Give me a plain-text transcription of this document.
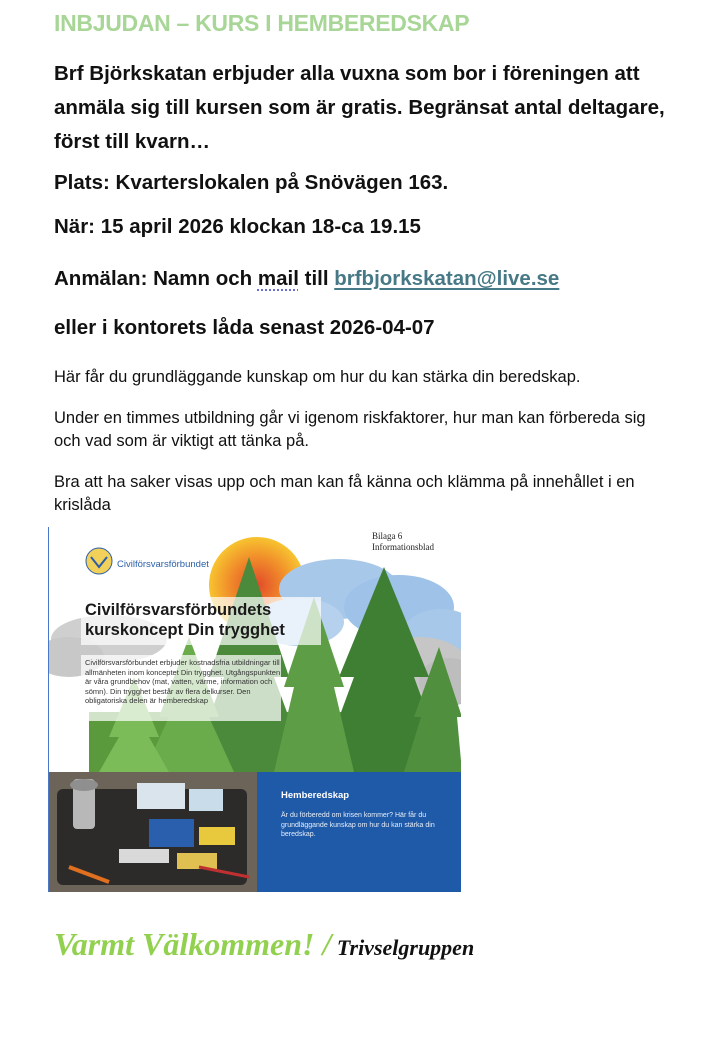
INBJUDAN – KURS I HEMBEREDSKAP
Brf Björkskatan erbjuder alla vuxna som bor i föreningen att anmäla sig till kursen som är gratis. Begränsat antal deltagare, först till kvarn…
Plats: Kvarterslokalen på Snövägen 163.
När: 15 april 2026 klockan 18-ca 19.15
Anmälan: Namn och mail till brfbjorkskatan@live.se
eller i kontorets låda senast 2026-04-07
Här får du grundläggande kunskap om hur du kan stärka din beredskap.
Under en timmes utbildning går vi igenom riskfaktorer, hur man kan förbereda sig och vad som är viktigt att tänka på.
Bra att ha saker visas upp och man kan få känna och klämma på innehållet i en krislåda
Bilaga 6
Informationsblad
Civilförsvarsförbundet
Civilförsvarsförbundets kurskoncept Din trygghet
Civilförsvarsförbundet erbjuder kostnadsfria utbildningar till allmänheten inom konceptet Din trygghet. Utgångspunkten är våra grundbehov (mat, vatten, värme, information och sömn). Din trygghet består av flera delkurser. Den obligatoriska delen är hemberedskap
Hemberedskap
Är du förberedd om krisen kommer? Här får du grundläggande kunskap om hur du kan stärka din beredskap.
Varmt Välkommen! / Trivselgruppen
